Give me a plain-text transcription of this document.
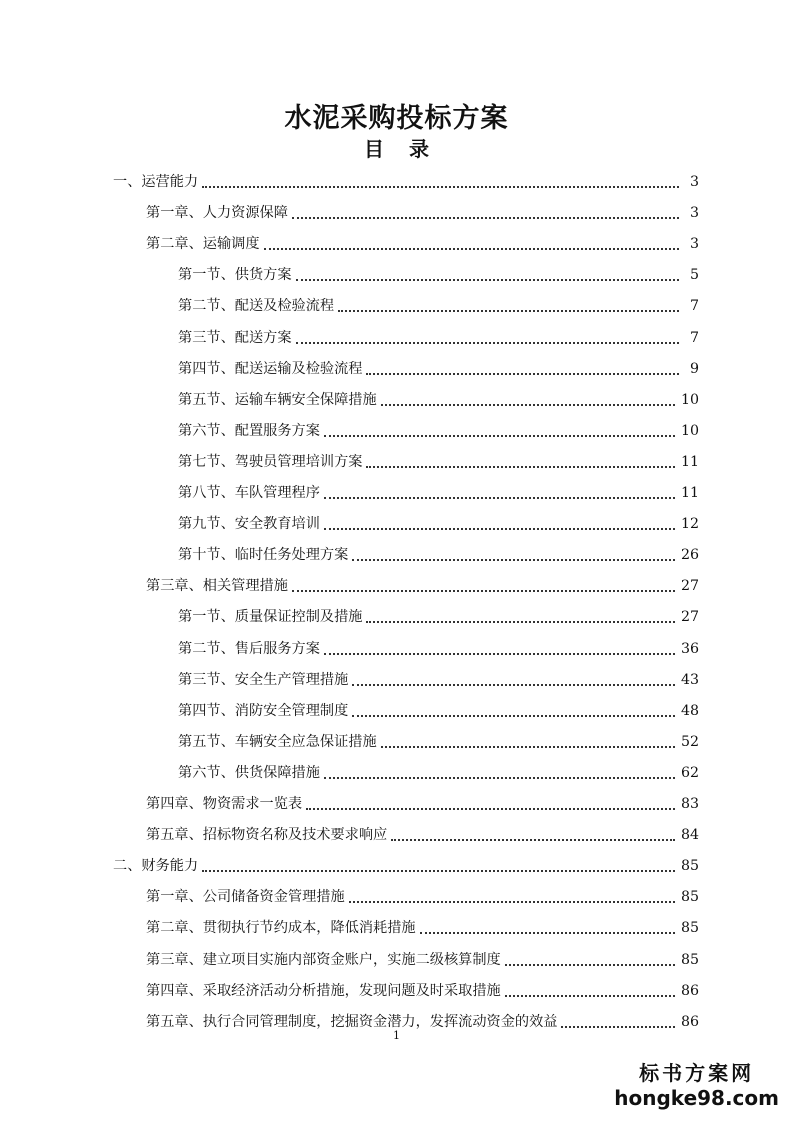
水泥采购投标方案
目 录
一、运营能力	3
第一章、人力资源保障	3
第二章、运输调度	3
第一节、供货方案	5
第二节、配送及检验流程	7
第三节、配送方案	7
第四节、配送运输及检验流程	9
第五节、运输车辆安全保障措施	10
第六节、配置服务方案	10
第七节、驾驶员管理培训方案	11
第八节、车队管理程序	11
第九节、安全教育培训	12
第十节、临时任务处理方案	26
第三章、相关管理措施	27
第一节、质量保证控制及措施	27
第二节、售后服务方案	36
第三节、安全生产管理措施	43
第四节、消防安全管理制度	48
第五节、车辆安全应急保证措施	52
第六节、供货保障措施	62
第四章、物资需求一览表	83
第五章、招标物资名称及技术要求响应	84
二、财务能力	85
第一章、公司储备资金管理措施	85
第二章、贯彻执行节约成本，降低消耗措施	85
第三章、建立项目实施内部资金账户，实施二级核算制度	85
第四章、采取经济活动分析措施，发现问题及时采取措施	86
第五章、执行合同管理制度，挖掘资金潜力，发挥流动资金的效益	86
1
标书方案网
hongke98.com
